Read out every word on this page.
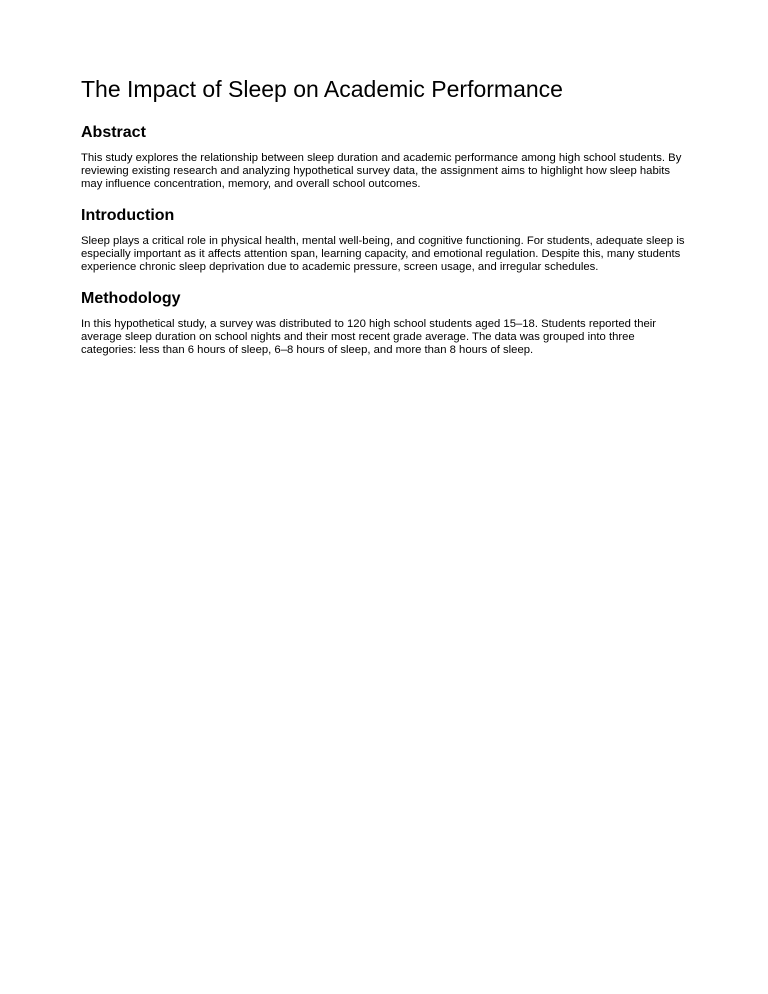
The Impact of Sleep on Academic Performance
Abstract

This study explores the relationship between sleep duration and academic performance among high school students. By reviewing existing research and analyzing hypothetical survey data, the assignment aims to highlight how sleep habits may influence concentration, memory, and overall school outcomes.

Introduction

Sleep plays a critical role in physical health, mental well-being, and cognitive functioning. For students, adequate sleep is especially important as it affects attention span, learning capacity, and emotional regulation. Despite this, many students experience chronic sleep deprivation due to academic pressure, screen usage, and irregular schedules.

Methodology

In this hypothetical study, a survey was distributed to 120 high school students aged 15–18. Students reported their average sleep duration on school nights and their most recent grade average. The data was grouped into three categories: less than 6 hours of sleep, 6–8 hours of sleep, and more than 8 hours of sleep.
